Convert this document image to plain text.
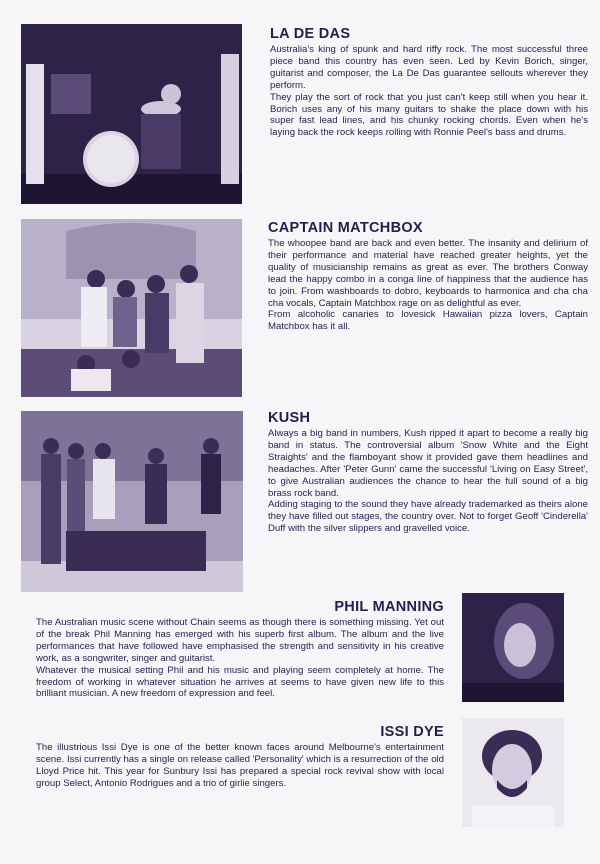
LA DE DAS

Australia's king of spunk and hard riffy rock. The most successful three piece band this country has even seen. Led by Kevin Borich, singer, guitarist and composer, the La De Das guarantee sellouts wherever they perform.

They play the sort of rock that you just can't keep still when you hear it. Borich uses any of his many guitars to shake the place down with his super fast lead lines, and his chunky rocking chords. Even when he's laying back the rock keeps rolling with Ronnie Peel's bass and drums.

CAPTAIN MATCHBOX

The whoopee band are back and even better. The insanity and delirium of their performance and material have reached greater heights, yet the quality of musicianship remains as great as ever. The brothers Conway lead the happy combo in a conga line of happiness that the audience has to join. From washboards to dobro, keyboards to harmonica and cha cha cha vocals, Captain Matchbox rage on as delightful as ever.

From alcoholic canaries to lovesick Hawaiian pizza lovers, Captain Matchbox has it all.

KUSH

Always a big band in numbers, Kush ripped it apart to become a really big band in status. The controversial album 'Snow White and the Eight Straights' and the flamboyant show it provided gave them headlines and headaches. After 'Peter Gunn' came the successful 'Living on Easy Street', to give Australian audiences the chance to hear the full sound of a big brass rock band.

Adding staging to the sound they have already trademarked as theirs alone they have filled out stages, the country over. Not to forget Geoff 'Cinderella' Duff with the silver slippers and gravelled voice.

PHIL MANNING

The Australian music scene without Chain seems as though there is something missing. Yet out of the break Phil Manning has emerged with his superb first album. The album and the live performances that have followed have emphasised the strength and sensitivity in his creative work, as a songwriter, singer and guitarist.

Whatever the musical setting Phil and his music and playing seem completely at home. The freedom of working in whatever situation he arrives at seems to have given new life to this brilliant musician. A new freedom of expression and feel.

ISSI DYE

The illustrious Issi Dye is one of the better known faces around Melbourne's entertainment scene. Issi currently has a single on release called 'Personality' which is a resurrection of the old Lloyd Price hit. This year for Sunbury Issi has prepared a special rock revival show with local group Select, Antonio Rodrigues and a trio of girlie singers.
